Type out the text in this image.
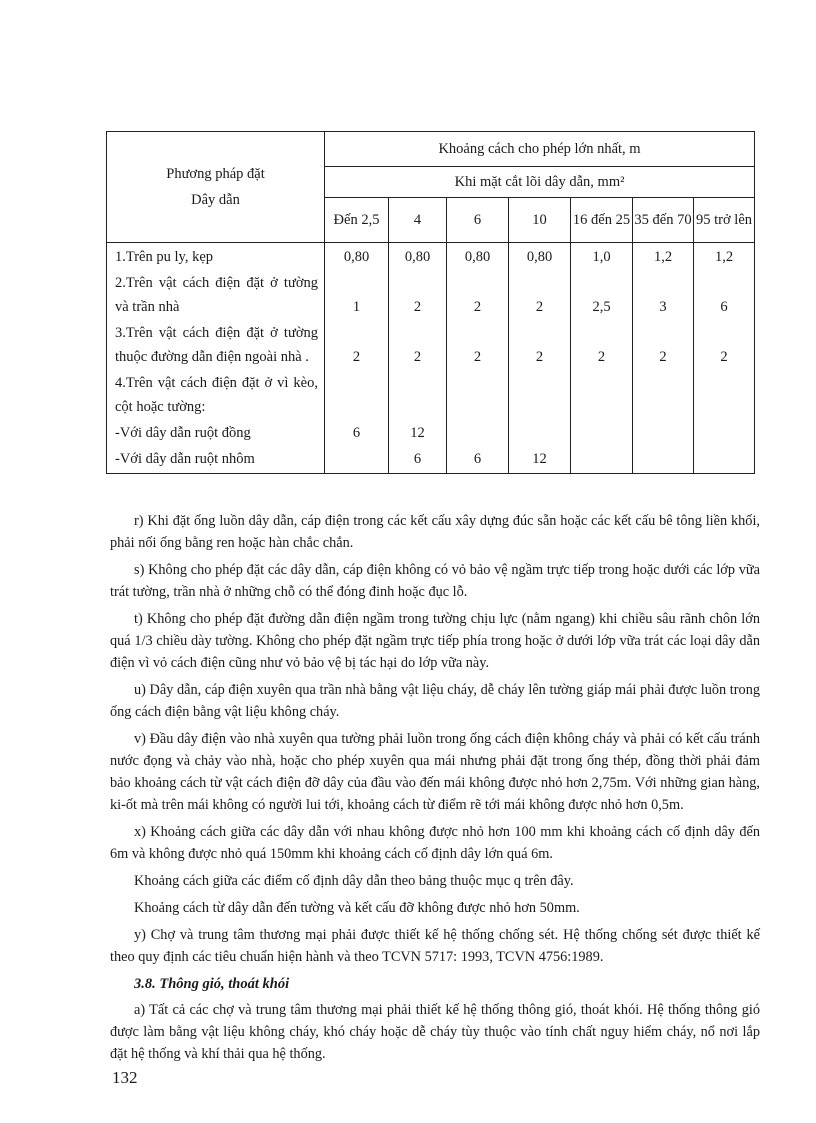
Phương pháp đặt
Dây dẫn	Khoảng cách cho phép lớn nhất, m						
	Khi mặt cắt lõi dây dẫn, mm²						
	Đến 2,5	4	6	10	16 đến 25	35 đến 70	95 trở lên
1.Trên pu ly, kẹp	0,80	0,80	0,80	0,80	1,0	1,2	1,2
2.Trên vật cách điện đặt ở tường và trần nhà	1	2	2	2	2,5	3	6
3.Trên vật cách điện đặt ở tường thuộc đường dẫn điện ngoài nhà .	2	2	2	2	2	2	2
4.Trên vật cách điện đặt ở vì kèo, cột hoặc tường:							
-Với dây dẫn ruột đồng	6	12					
-Với dây dẫn ruột nhôm		6	6	12			

r) Khi đặt ống luồn dây dẫn, cáp điện trong các kết cấu xây dựng đúc sẵn hoặc các kết cấu bê tông liền khối, phải nối ống bằng ren hoặc hàn chắc chắn.

s) Không cho phép đặt các dây dẫn, cáp điện không có vỏ bảo vệ ngầm trực tiếp trong hoặc dưới các lớp vữa trát tường, trần nhà ở những chỗ có thể đóng đinh hoặc đục lỗ.

t) Không cho phép đặt đường dẫn điện ngầm trong tường chịu lực (nằm ngang) khi chiều sâu rãnh chôn lớn quá 1/3 chiều dày tường. Không cho phép đặt ngầm trực tiếp phía trong hoặc ở dưới lớp vữa trát các loại dây dẫn điện vì vỏ cách điện cũng như vỏ bảo vệ bị tác hại do lớp vữa này.

u) Dây dẫn, cáp điện xuyên qua trần nhà bằng vật liệu cháy, dễ cháy lên tường giáp mái phải được luồn trong ống cách điện bằng vật liệu không cháy.

v) Đầu dây điện vào nhà xuyên qua tường phải luồn trong ống cách điện không cháy và phải có kết cấu tránh nước đọng và chảy vào nhà, hoặc cho phép xuyên qua mái nhưng phải đặt trong ống thép, đồng thời phải đảm bảo khoảng cách từ vật cách điện đỡ dây của đầu vào đến mái không được nhỏ hơn 2,75m. Với những gian hàng, ki-ốt mà trên mái không có người lui tới, khoảng cách từ điểm rẽ tới mái không được nhỏ hơn 0,5m.

x) Khoảng cách giữa các dây dẫn với nhau không được nhỏ hơn 100 mm khi khoảng cách cố định dây đến 6m và không được nhỏ quá 150mm khi khoảng cách cố định dây lớn quá 6m.

Khoảng cách giữa các điểm cố định dây dẫn theo bảng thuộc mục q trên đây.

Khoảng cách từ dây dẫn đến tường và kết cấu đỡ không được nhỏ hơn 50mm.

y) Chợ và trung tâm thương mại phải được thiết kế hệ thống chống sét. Hệ thống chống sét được thiết kế theo quy định các tiêu chuẩn hiện hành và theo TCVN 5717: 1993, TCVN 4756:1989.

3.8. Thông gió, thoát khói

a) Tất cả các chợ và trung tâm thương mại phải thiết kế hệ thống thông gió, thoát khói. Hệ thống thông gió được làm bằng vật liệu không cháy, khó cháy hoặc dễ cháy tùy thuộc vào tính chất nguy hiểm cháy, nổ nơi lắp đặt hệ thống và khí thải qua hệ thống.

132
